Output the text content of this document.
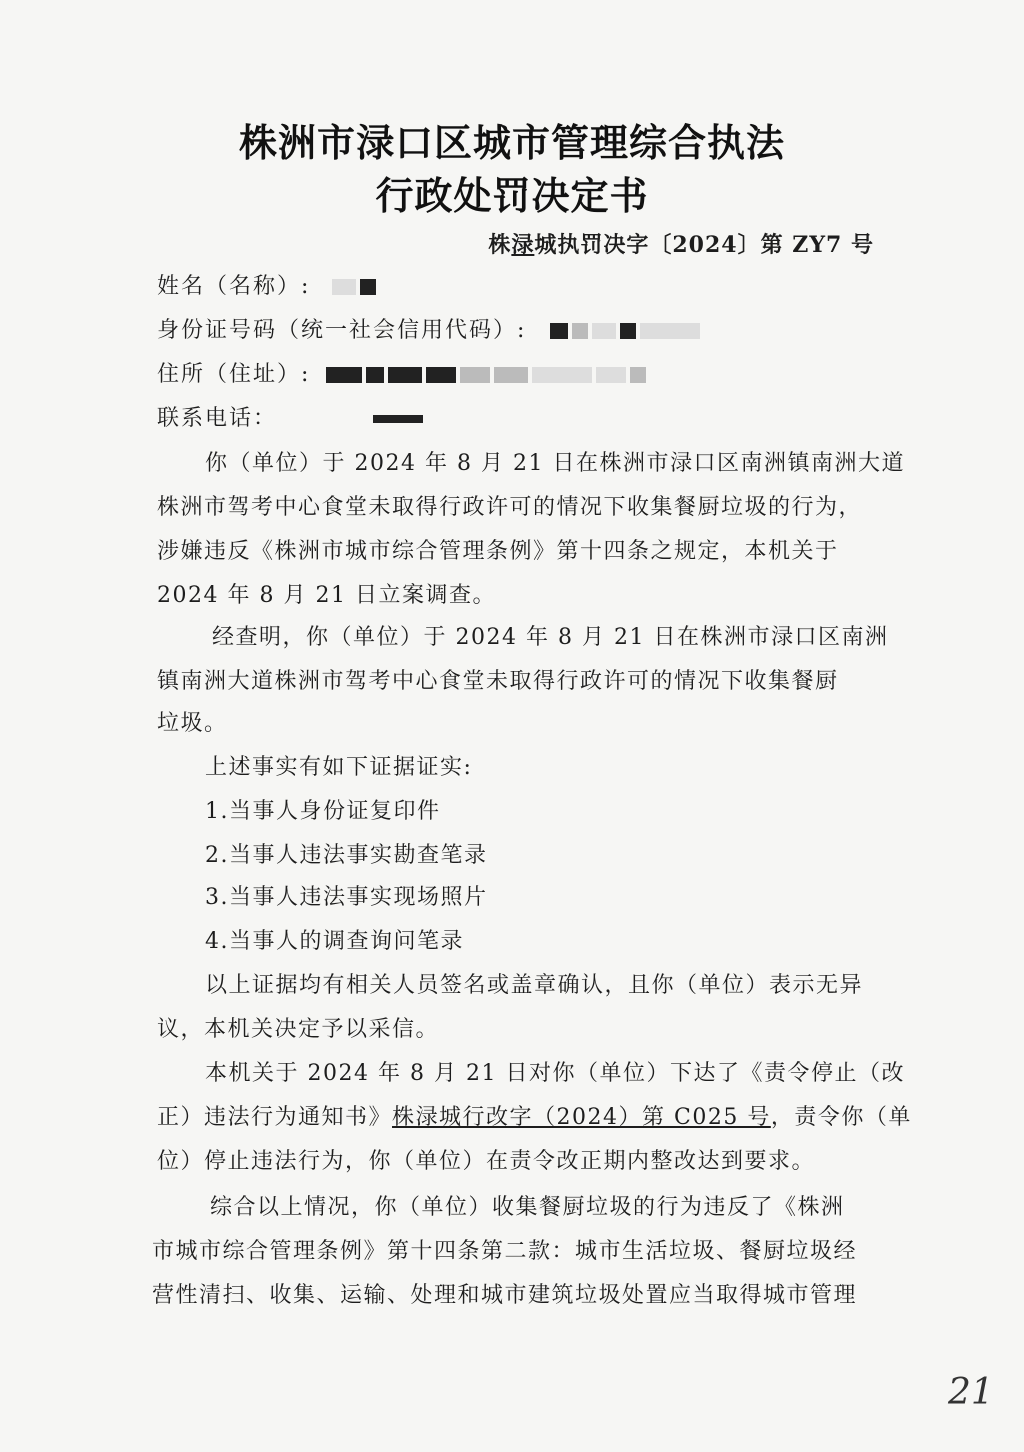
株洲市渌口区城市管理综合执法
行政处罚决定书
株渌城执罚决字〔2024〕第 ZY7 号
姓名（名称）:
身份证号码（统一社会信用代码）:
住所（住址）:
联系电话：
你（单位）于 2024 年 8 月 21 日在株洲市渌口区南洲镇南洲大道
株洲市驾考中心食堂未取得行政许可的情况下收集餐厨垃圾的行为，
涉嫌违反《株洲市城市综合管理条例》第十四条之规定，本机关于
2024 年 8 月 21 日立案调查。
经查明，你（单位）于 2024 年 8 月 21 日在株洲市渌口区南洲
镇南洲大道株洲市驾考中心食堂未取得行政许可的情况下收集餐厨
垃圾。
上述事实有如下证据证实:
1.当事人身份证复印件
2.当事人违法事实勘查笔录
3.当事人违法事实现场照片
4.当事人的调查询问笔录
以上证据均有相关人员签名或盖章确认，且你（单位）表示无异
议，本机关决定予以采信。
本机关于 2024 年 8 月 21 日对你（单位）下达了《责令停止（改
正）违法行为通知书》株渌城行改字（2024）第 C025 号，责令你（单
位）停止违法行为，你（单位）在责令改正期内整改达到要求。
综合以上情况，你（单位）收集餐厨垃圾的行为违反了《株洲
市城市综合管理条例》第十四条第二款：城市生活垃圾、餐厨垃圾经
营性清扫、收集、运输、处理和城市建筑垃圾处置应当取得城市管理
21
